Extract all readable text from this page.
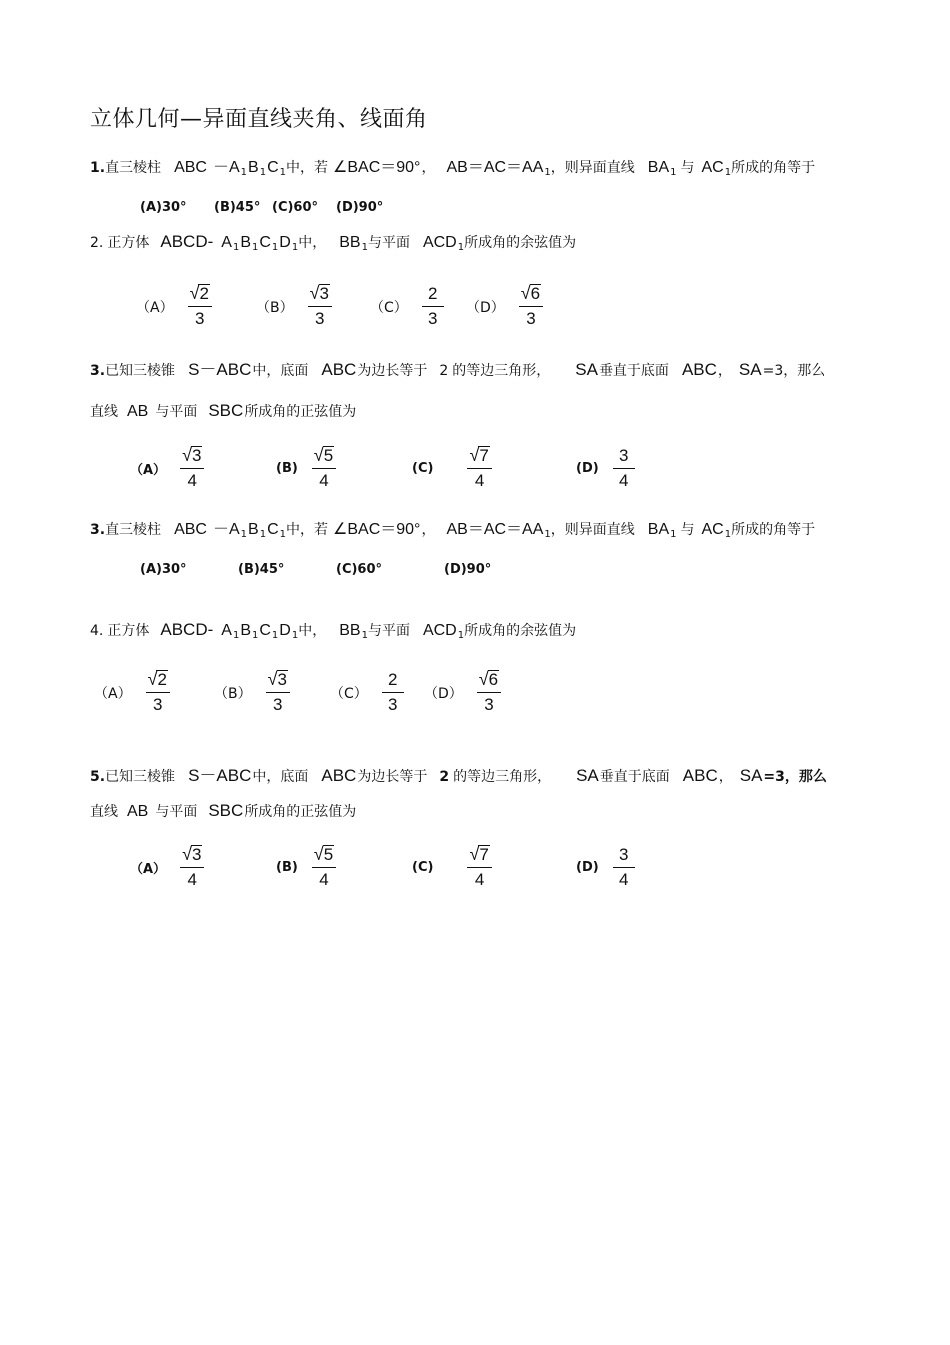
立体几何—异面直线夹角、线面角
1.直三棱柱 ABC $-A_1B_1C_1$中，若 ∠BAC＝90°， $AB=AC=AA_1$，则异面直线 $BA_1$ 与 $AC_1$所成的角等于
(A)30° (B)45° (C)60° (D)90°
2. 正方体 ABCD- $A_1B_1C_1D_1$中， $BB_1$与平面 $ACD_1$所成角的余弦值为
$(A) \frac{√ 2}{3}$	$(B) \frac{√ 3}{3}$	$(C) \frac{2}{3} (D) \frac{√ 6}{3}$
3.已知三棱锥 S－ABC中，底面 ABC为边长等于 2 的等边三角形， SA垂直于底面 ABC， SA=3，那么
直线 AB 与平面 SBC所成角的正弦值为
$(A) \frac{√ 3}{4}$	$(B) \frac{√ 5}{4}$	$(C) \frac{√ 7}{4}$	$(D) \frac{3}{4}$
3.直三棱柱 ABC $-A_1B_1C_1$中，若 ∠BAC＝90°， $AB=AC=AA_1$，则异面直线 $BA_1$ 与 $AC_1$所成的角等于
(A)30°	(B)45°	(C)60°	(D)90°
4. 正方体 ABCD- $A_1B_1C_1D_1$中， $BB_1$与平面 $ACD_1$所成角的余弦值为
$(A) \frac{√ 2}{3}$	$(B) \frac{√ 3}{3}$	$(C) \frac{2}{3} (D) \frac{√ 6}{3}$
5.已知三棱锥 S－ABC中，底面 ABC为边长等于 2 的等边三角形， SA垂直于底面 ABC， SA=3，那么
直线 AB 与平面 SBC所成角的正弦值为
$(A) \frac{√ 3}{4}$	$(B) \frac{√ 5}{4}$	$(C) \frac{√ 7}{4}$	$(D) \frac{3}{4}$
